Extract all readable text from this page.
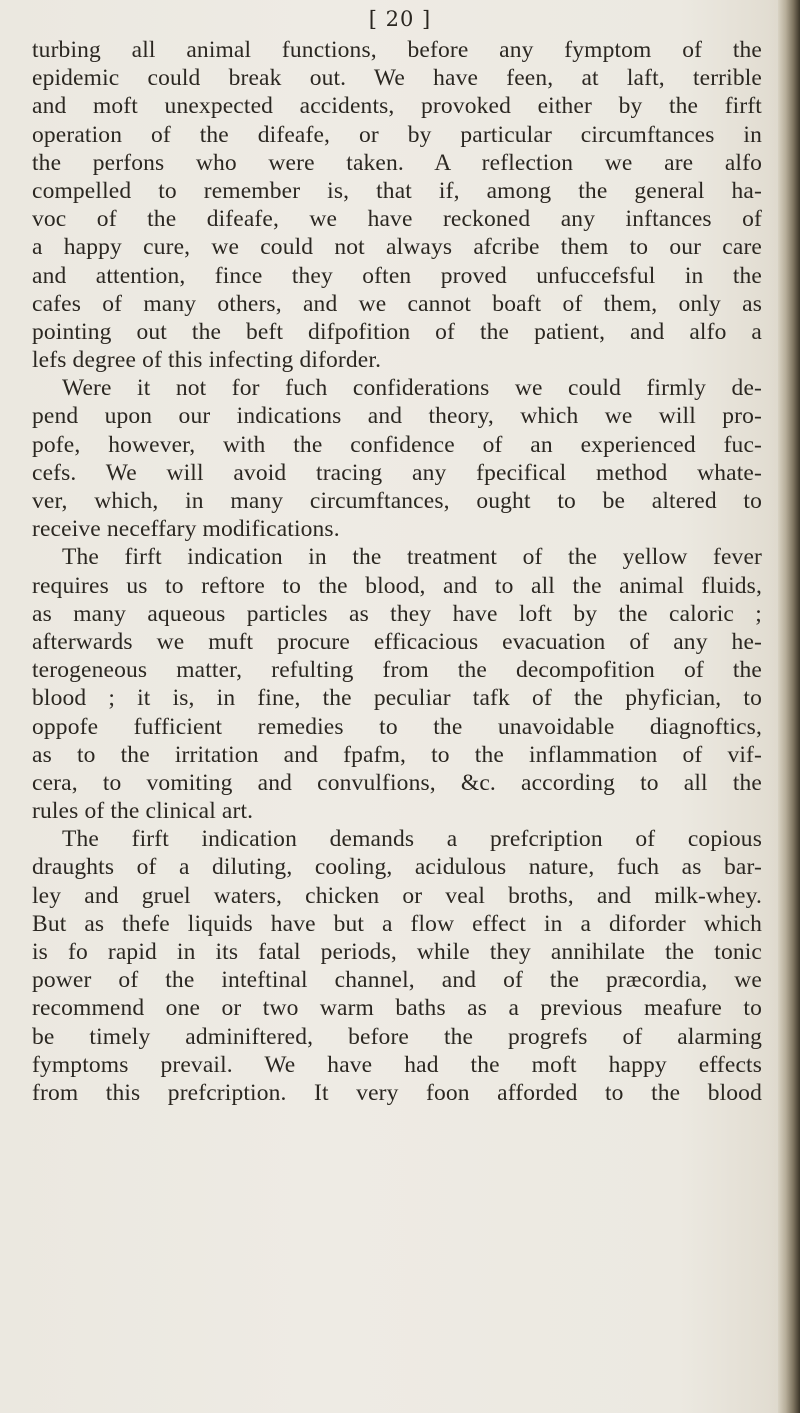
[ 20 ]
turbing all animal functions, before any fymptom of the
epidemic could break out. We have feen, at laft, terrible
and moft unexpected accidents, provoked either by the firft
operation of the difeafe, or by particular circumftances in
the perfons who were taken. A reflection we are alfo
compelled to remember is, that if, among the general ha-
voc of the difeafe, we have reckoned any inftances of
a happy cure, we could not always afcribe them to our care
and attention, fince they often proved unfuccefsful in the
cafes of many others, and we cannot boaft of them, only as
pointing out the beft difpofition of the patient, and alfo a
lefs degree of this infecting diforder.
Were it not for fuch confiderations we could firmly de-
pend upon our indications and theory, which we will pro-
pofe, however, with the confidence of an experienced fuc-
cefs. We will avoid tracing any fpecifical method whate-
ver, which, in many circumftances, ought to be altered to
receive neceffary modifications.
The firft indication in the treatment of the yellow fever
requires us to reftore to the blood, and to all the animal fluids,
as many aqueous particles as they have loft by the caloric ;
afterwards we muft procure efficacious evacuation of any he-
terogeneous matter, refulting from the decompofition of the
blood ; it is, in fine, the peculiar tafk of the phyfician, to
oppofe fufficient remedies to the unavoidable diagnoftics,
as to the irritation and fpafm, to the inflammation of vif-
cera, to vomiting and convulfions, &c. according to all the
rules of the clinical art.
The firft indication demands a prefcription of copious
draughts of a diluting, cooling, acidulous nature, fuch as bar-
ley and gruel waters, chicken or veal broths, and milk-whey.
But as thefe liquids have but a flow effect in a diforder which
is fo rapid in its fatal periods, while they annihilate the tonic
power of the inteftinal channel, and of the præcordia, we
recommend one or two warm baths as a previous meafure to
be timely adminiftered, before the progrefs of alarming
fymptoms prevail. We have had the moft happy effects
from this prefcription. It very foon afforded to the blood
